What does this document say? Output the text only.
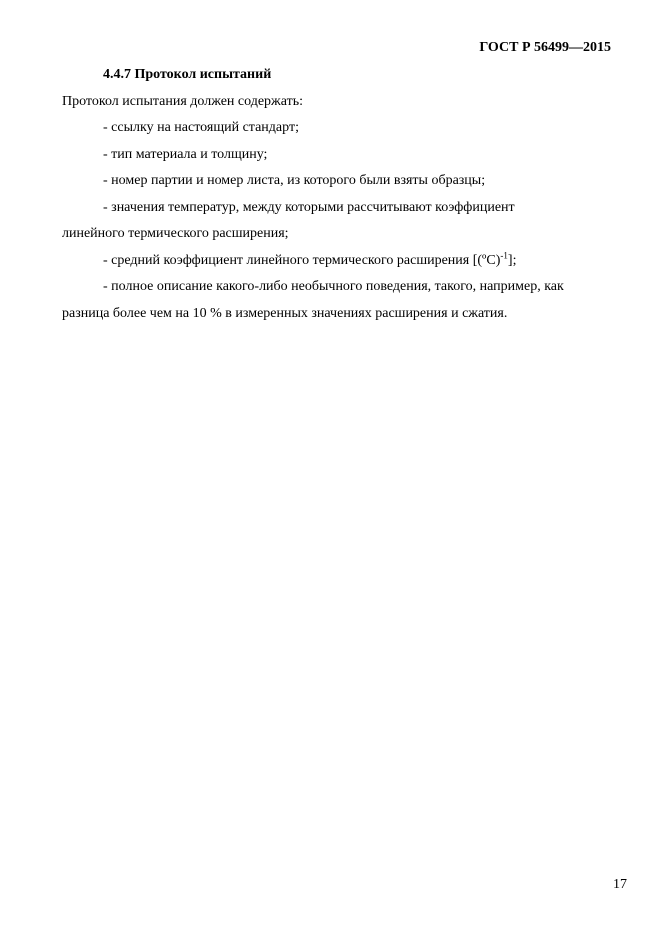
ГОСТ Р 56499—2015
4.4.7 Протокол испытаний
Протокол испытания должен содержать:
- ссылку на настоящий стандарт;
- тип материала и толщину;
- номер партии и номер листа, из которого были взяты образцы;
- значения температур, между которыми рассчитывают коэффициент
линейного термического расширения;
- средний коэффициент линейного термического расширения [(ºС)$^{-1}$];
- полное описание какого-либо необычного поведения, такого, например, как
разница более чем на 10 % в измеренных значениях расширения и сжатия.
17
